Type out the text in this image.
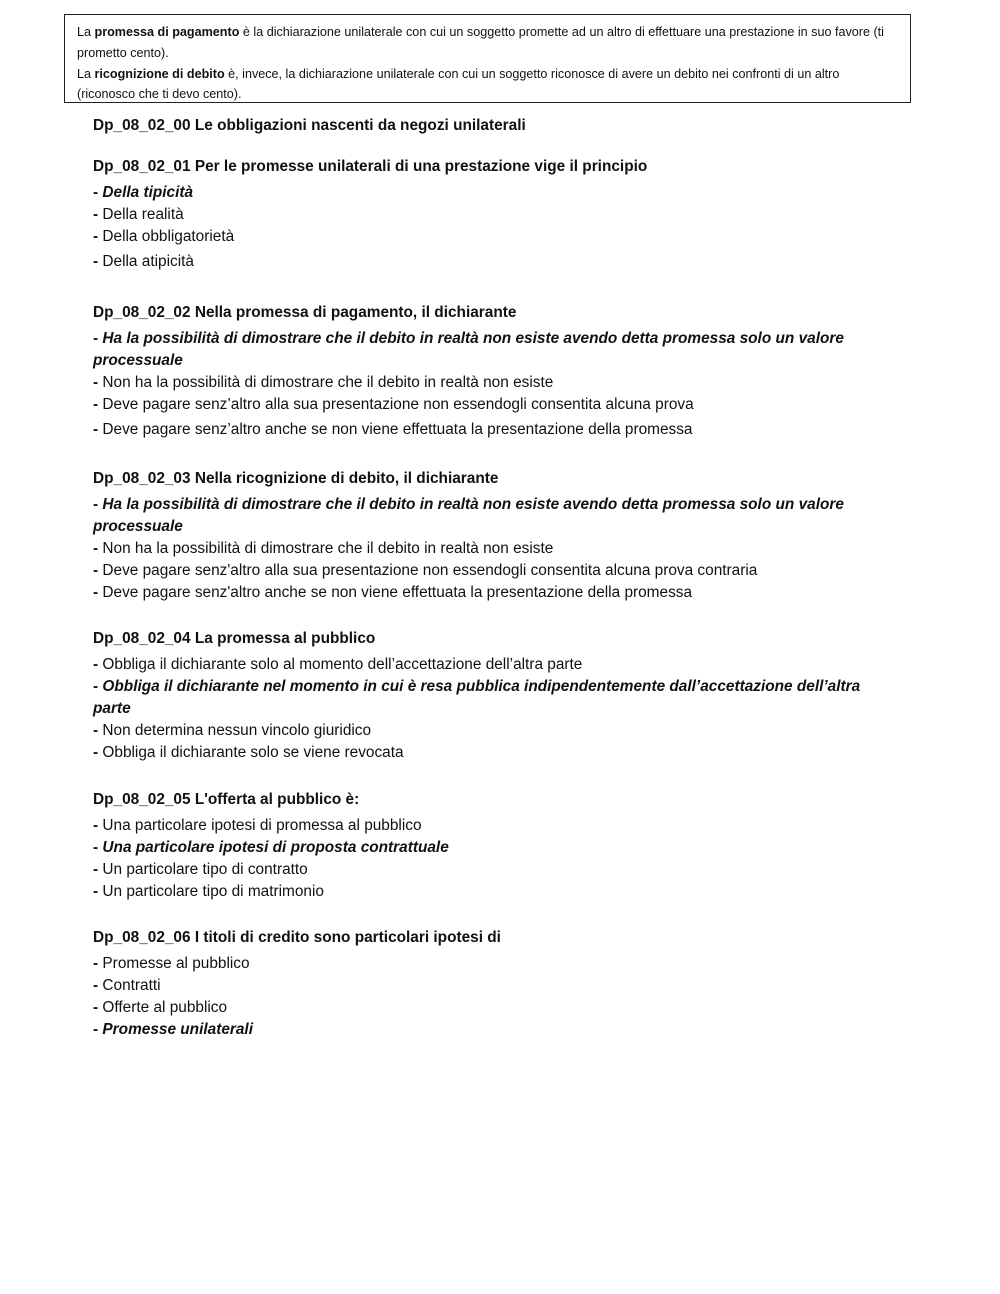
La promessa di pagamento è la dichiarazione unilaterale con cui un soggetto promette ad un altro di effettuare una prestazione in suo favore (ti prometto cento).

La ricognizione di debito è, invece, la dichiarazione unilaterale con cui un soggetto riconosce di avere un debito nei confronti di un altro (riconosco che ti devo cento).

Dp_08_02_00 Le obbligazioni nascenti da negozi unilaterali

Dp_08_02_01 Per le promesse unilaterali di una prestazione vige il principio

- Della tipicità

- Della realità

- Della obbligatorietà

- Della atipicità

Dp_08_02_02 Nella promessa di pagamento, il dichiarante

- Ha la possibilità di dimostrare che il debito in realtà non esiste avendo detta promessa solo un valore processuale

- Non ha la possibilità di dimostrare che il debito in realtà non esiste

- Deve pagare senz’altro alla sua presentazione non essendogli consentita alcuna prova

- Deve pagare senz’altro anche se non viene effettuata la presentazione della promessa

Dp_08_02_03 Nella ricognizione di debito, il dichiarante

- Ha la possibilità di dimostrare che il debito in realtà non esiste avendo detta promessa solo un valore processuale

- Non ha la possibilità di dimostrare che il debito in realtà non esiste

- Deve pagare senz'altro alla sua presentazione non essendogli consentita alcuna prova contraria

- Deve pagare senz'altro anche se non viene effettuata la presentazione della promessa

Dp_08_02_04 La promessa al pubblico

- Obbliga il dichiarante solo al momento dell’accettazione dell’altra parte

- Obbliga il dichiarante nel momento in cui è resa pubblica indipendentemente dall’accettazione dell’altra parte

- Non determina nessun vincolo giuridico

- Obbliga il dichiarante solo se viene revocata

Dp_08_02_05 L'offerta al pubblico è:

- Una particolare ipotesi di promessa al pubblico

- Una particolare ipotesi di proposta contrattuale

- Un particolare tipo di contratto

- Un particolare tipo di matrimonio

Dp_08_02_06 I titoli di credito sono particolari ipotesi di

- Promesse al pubblico

- Contratti

- Offerte al pubblico

- Promesse unilaterali
